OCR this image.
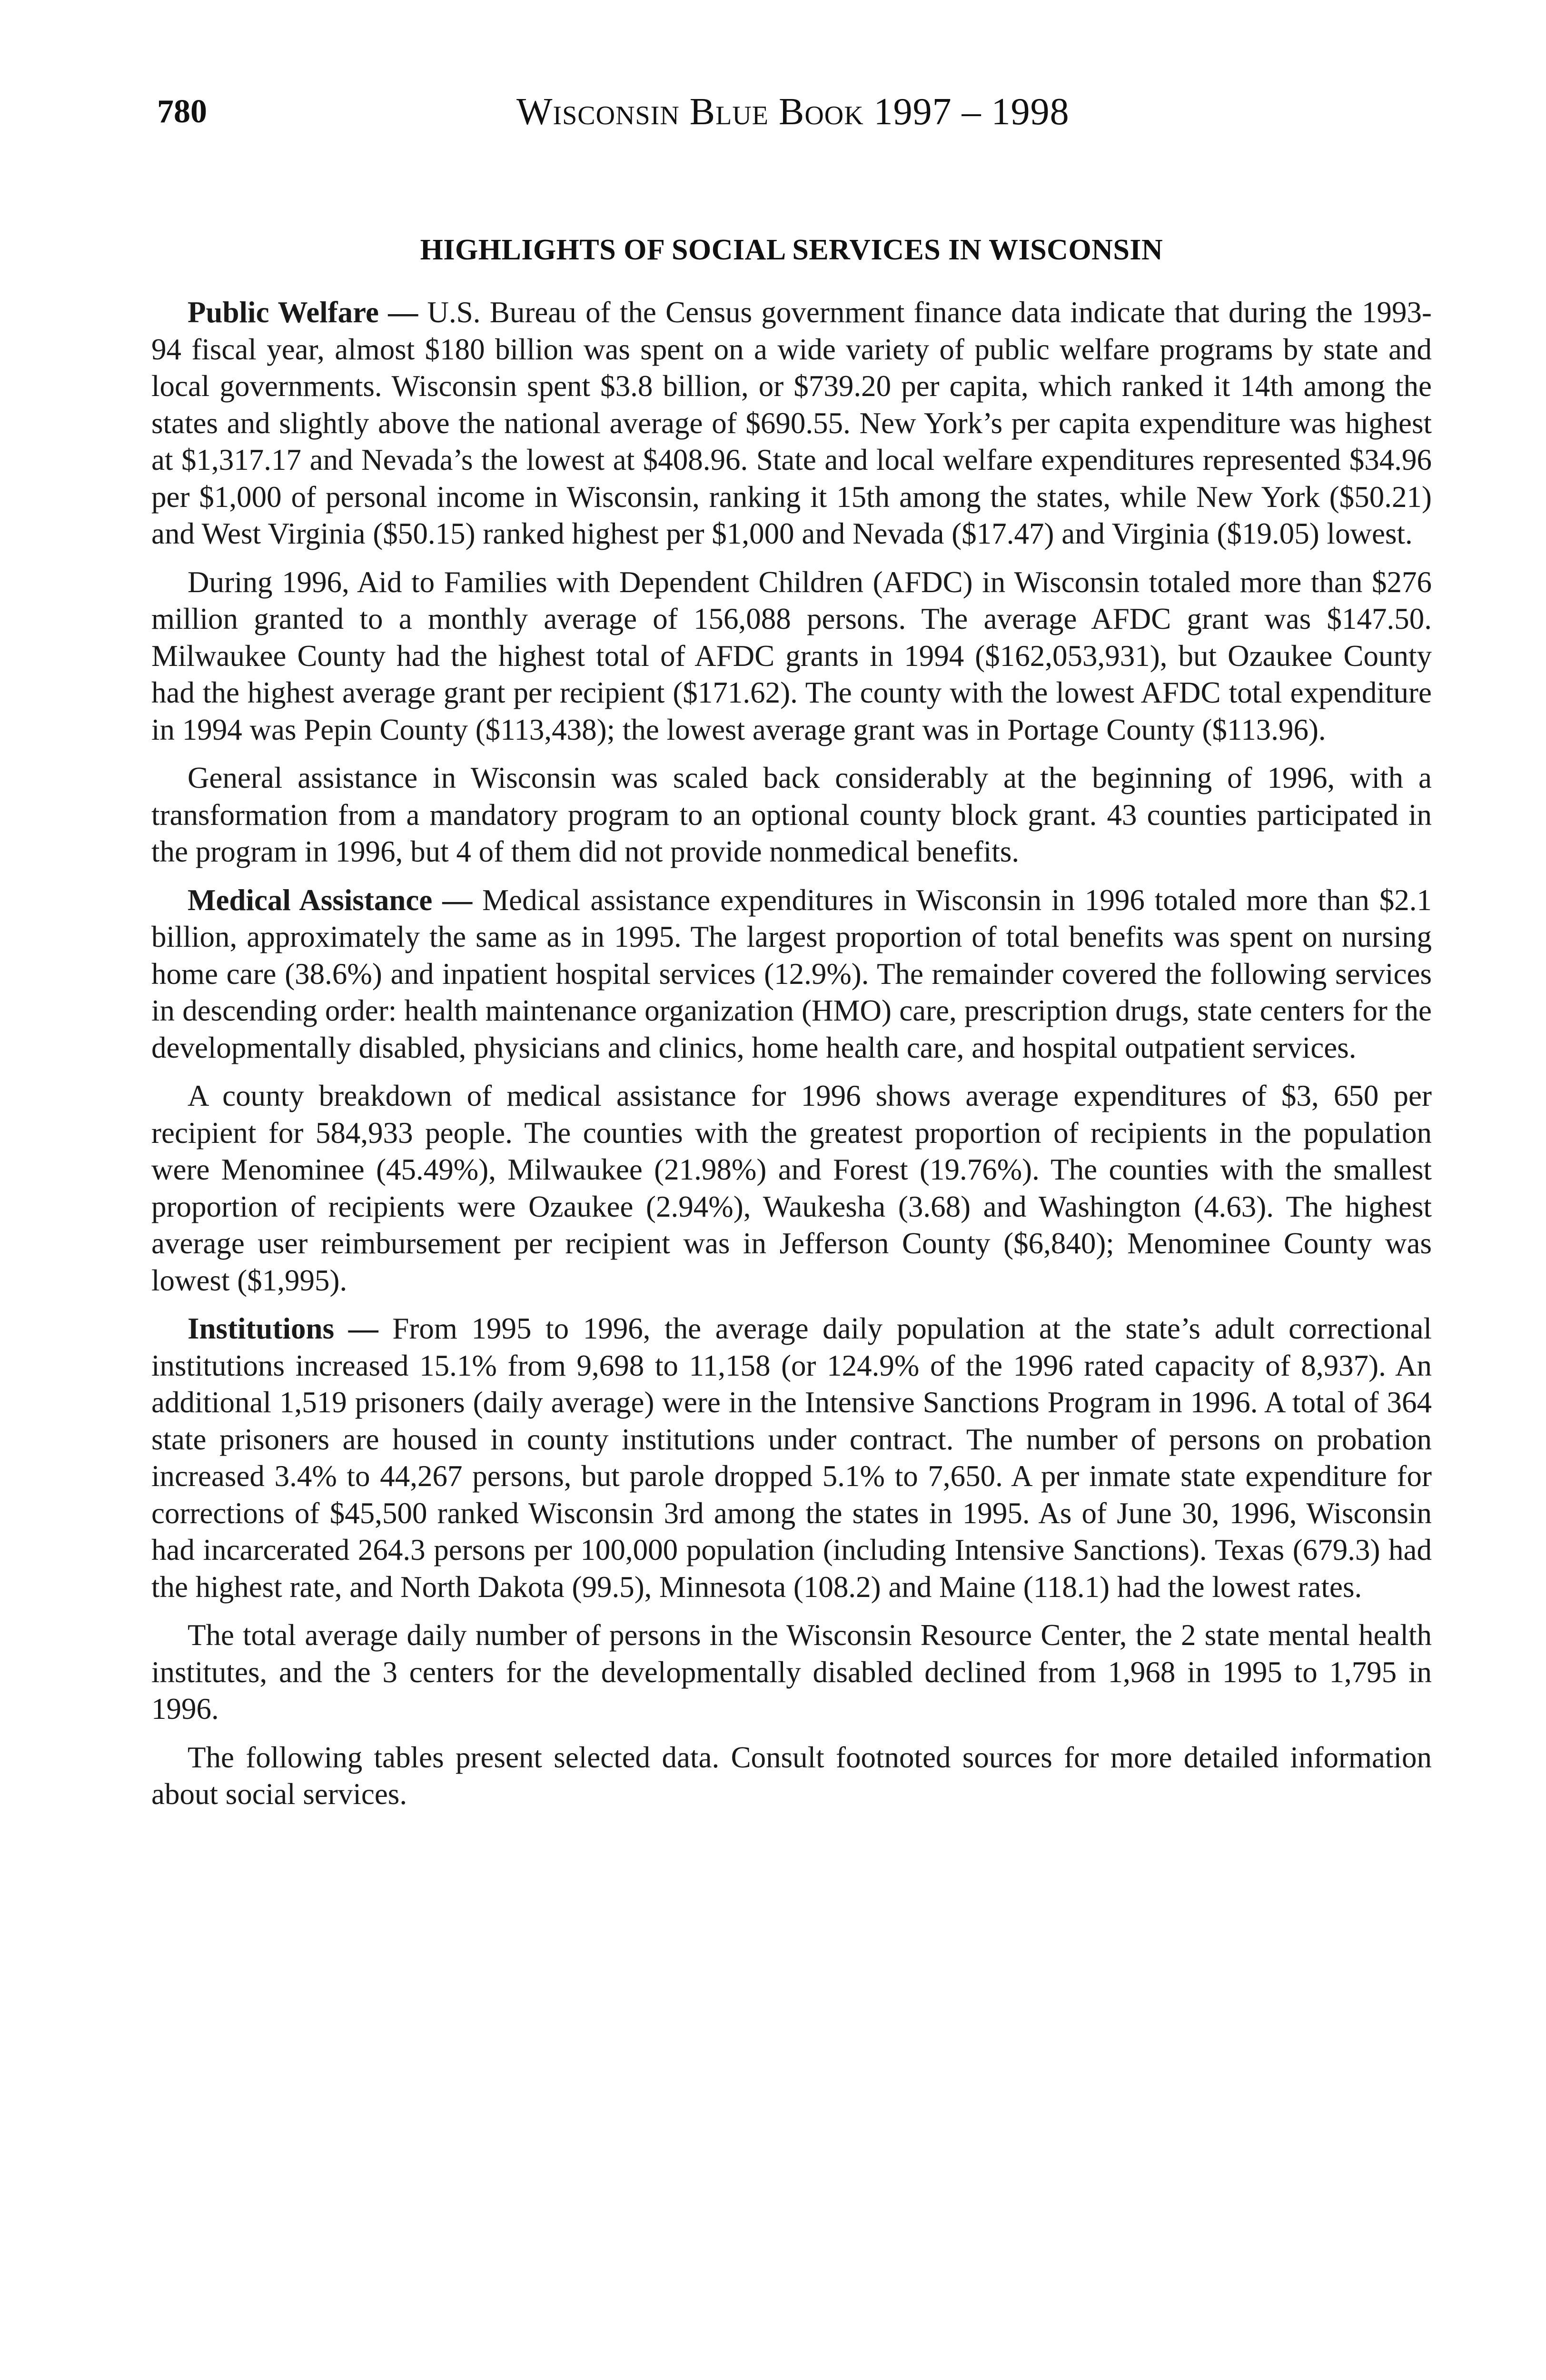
780	Wisconsin Blue Book 1997 – 1998
HIGHLIGHTS OF SOCIAL SERVICES IN WISCONSIN

Public Welfare — U.S. Bureau of the Census government finance data indicate that during the 1993-94 fiscal year, almost $180 billion was spent on a wide variety of public welfare programs by state and local governments. Wisconsin spent $3.8 billion, or $739.20 per capita, which ranked it 14th among the states and slightly above the national average of $690.55. New York’s per capita expenditure was highest at $1,317.17 and Nevada’s the lowest at $408.96. State and local welfare expenditures represented $34.96 per $1,000 of personal income in Wisconsin, ranking it 15th among the states, while New York ($50.21) and West Virginia ($50.15) ranked highest per $1,000 and Nevada ($17.47) and Virginia ($19.05) lowest.

During 1996, Aid to Families with Dependent Children (AFDC) in Wisconsin totaled more than $276 million granted to a monthly average of 156,088 persons. The average AFDC grant was $147.50. Milwaukee County had the highest total of AFDC grants in 1994 ($162,053,931), but Ozaukee County had the highest average grant per recipient ($171.62). The county with the lowest AFDC total expenditure in 1994 was Pepin County ($113,438); the lowest average grant was in Portage County ($113.96).

General assistance in Wisconsin was scaled back considerably at the beginning of 1996, with a transformation from a mandatory program to an optional county block grant. 43 counties participated in the program in 1996, but 4 of them did not provide nonmedical benefits.

Medical Assistance — Medical assistance expenditures in Wisconsin in 1996 totaled more than $2.1 billion, approximately the same as in 1995. The largest proportion of total benefits was spent on nursing home care (38.6%) and inpatient hospital services (12.9%). The remainder covered the following services in descending order: health maintenance organization (HMO) care, prescription drugs, state centers for the developmentally disabled, physicians and clinics, home health care, and hospital outpatient services.

A county breakdown of medical assistance for 1996 shows average expenditures of $3, 650 per recipient for 584,933 people. The counties with the greatest proportion of recipients in the population were Menominee (45.49%), Milwaukee (21.98%) and Forest (19.76%). The counties with the smallest proportion of recipients were Ozaukee (2.94%), Waukesha (3.68) and Washington (4.63). The highest average user reimbursement per recipient was in Jefferson County ($6,840); Menominee County was lowest ($1,995).

Institutions — From 1995 to 1996, the average daily population at the state’s adult correctional institutions increased 15.1% from 9,698 to 11,158 (or 124.9% of the 1996 rated capacity of 8,937). An additional 1,519 prisoners (daily average) were in the Intensive Sanctions Program in 1996. A total of 364 state prisoners are housed in county institutions under contract. The number of persons on probation increased 3.4% to 44,267 persons, but parole dropped 5.1% to 7,650. A per inmate state expenditure for corrections of $45,500 ranked Wisconsin 3rd among the states in 1995. As of June 30, 1996, Wisconsin had incarcerated 264.3 persons per 100,000 population (including Intensive Sanctions). Texas (679.3) had the highest rate, and North Dakota (99.5), Minnesota (108.2) and Maine (118.1) had the lowest rates.

The total average daily number of persons in the Wisconsin Resource Center, the 2 state mental health institutes, and the 3 centers for the developmentally disabled declined from 1,968 in 1995 to 1,795 in 1996.

The following tables present selected data. Consult footnoted sources for more detailed information about social services.
